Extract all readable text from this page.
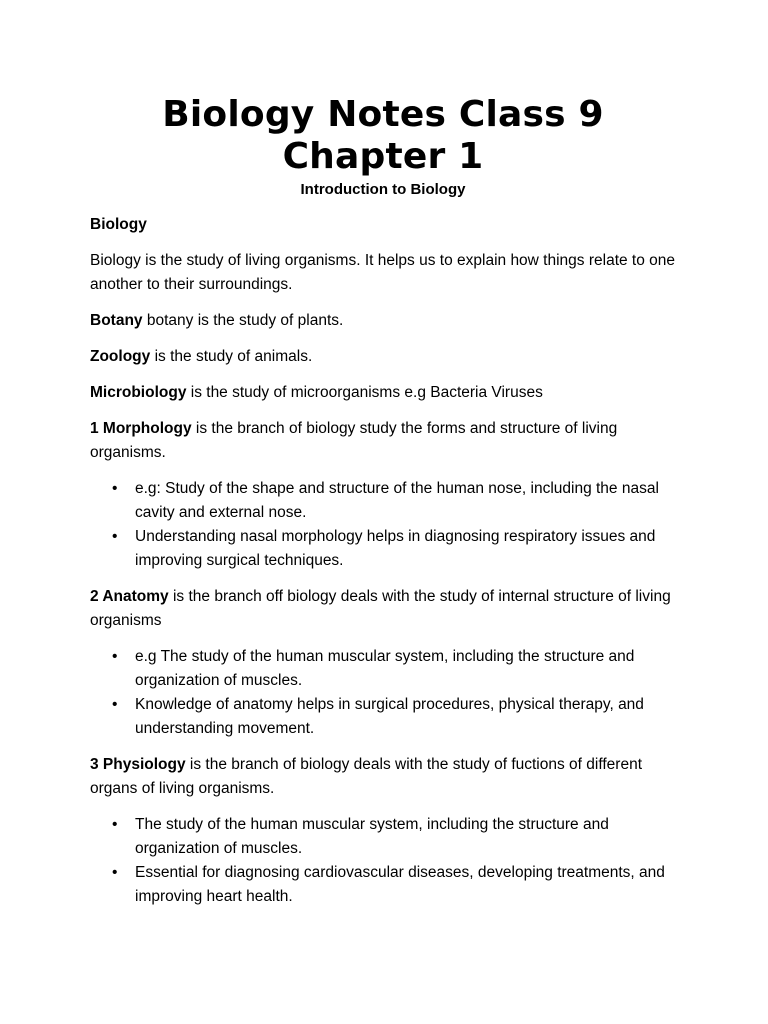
Biology Notes Class 9 Chapter 1
Introduction to Biology

Biology

Biology is the study of living organisms. It helps us to explain how things relate to one another to their surroundings.

Botany botany is the study of plants.

Zoology is the study of animals.

Microbiology is the study of microorganisms e.g Bacteria Viruses

1 Morphology is the branch of biology study the forms and structure of living organisms.

• e.g: Study of the shape and structure of the human nose, including the nasal cavity and external nose.
• Understanding nasal morphology helps in diagnosing respiratory issues and improving surgical techniques.

2 Anatomy is the branch off biology deals with the study of internal structure of living organisms

• e.g The study of the human muscular system, including the structure and organization of muscles.
• Knowledge of anatomy helps in surgical procedures, physical therapy, and understanding movement.

3 Physiology is the branch of biology deals with the study of fuctions of different organs of living organisms.

• The study of the human muscular system, including the structure and organization of muscles.
• Essential for diagnosing cardiovascular diseases, developing treatments, and improving heart health.
